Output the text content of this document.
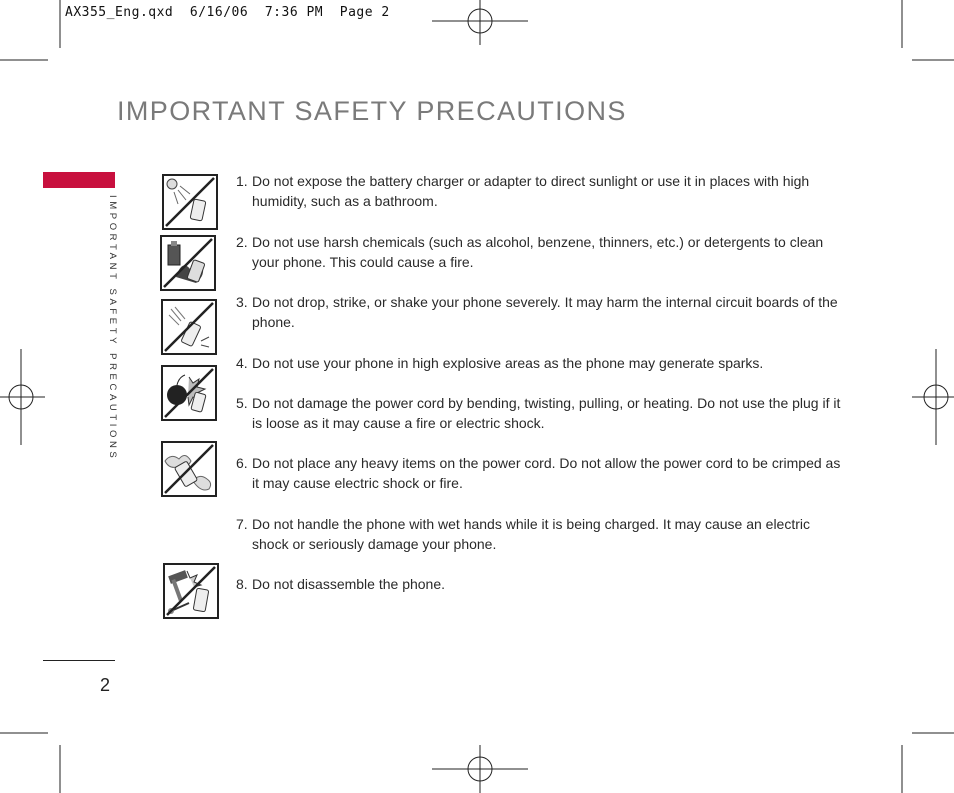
AX355_Eng.qxd  6/16/06  7:36 PM  Page 2
IMPORTANT SAFETY PRECAUTIONS
IMPORTANT SAFETY PRECAUTIONS
1. Do not expose the battery charger or adapter to direct sunlight or use it in places with high humidity, such as a bathroom.
2. Do not use harsh chemicals (such as alcohol, benzene, thinners, etc.) or detergents to clean your phone. This could cause a fire.
3. Do not drop, strike, or shake your phone severely. It may harm the internal circuit boards of the phone.
4. Do not use your phone in high explosive areas as the phone may generate sparks.
5. Do not damage the power cord by bending, twisting, pulling, or heating. Do not use the plug if it is loose as it may cause a fire or electric shock.
6. Do not place any heavy items on the power cord. Do not allow the power cord to be crimped as it may cause electric shock or fire.
7. Do not handle the phone with wet hands while it is being charged. It may cause an electric shock or seriously damage your phone.
8. Do not disassemble the phone.
2
